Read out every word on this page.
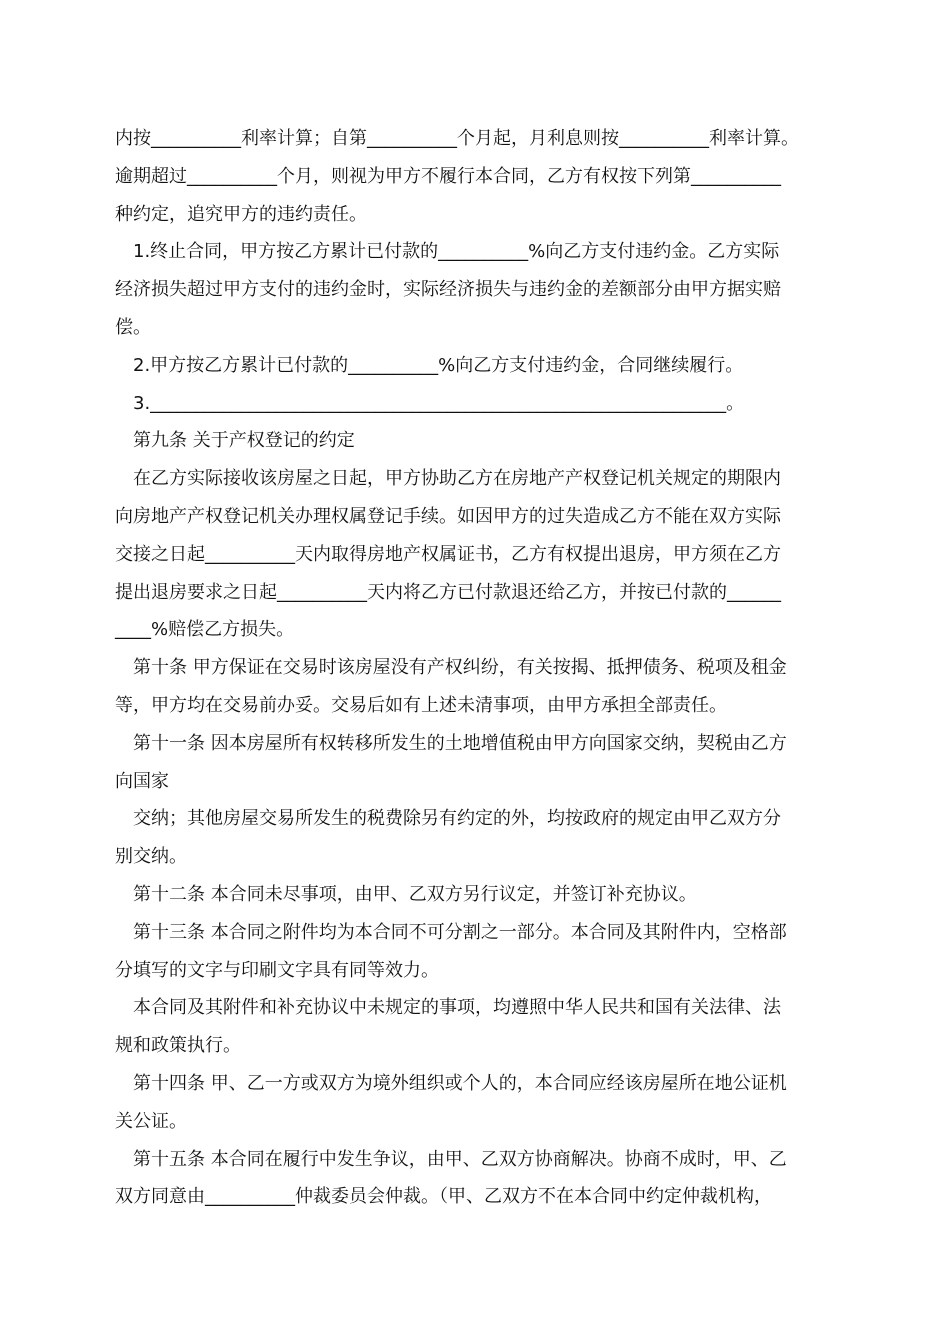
内按__________利率计算；自第__________个月起，月利息则按__________利率计算。
逾期超过__________个月，则视为甲方不履行本合同，乙方有权按下列第__________
种约定，追究甲方的违约责任。
1.终止合同，甲方按乙方累计已付款的__________%向乙方支付违约金。乙方实际
经济损失超过甲方支付的违约金时，实际经济损失与违约金的差额部分由甲方据实赔
偿。
2.甲方按乙方累计已付款的__________%向乙方支付违约金，合同继续履行。
3.________________________________________________________________。
第九条 关于产权登记的约定
在乙方实际接收该房屋之日起，甲方协助乙方在房地产产权登记机关规定的期限内
向房地产产权登记机关办理权属登记手续。如因甲方的过失造成乙方不能在双方实际
交接之日起__________天内取得房地产权属证书，乙方有权提出退房，甲方须在乙方
提出退房要求之日起__________天内将乙方已付款退还给乙方，并按已付款的______
____%赔偿乙方损失。
第十条 甲方保证在交易时该房屋没有产权纠纷，有关按揭、抵押债务、税项及租金
等，甲方均在交易前办妥。交易后如有上述未清事项，由甲方承担全部责任。
第十一条 因本房屋所有权转移所发生的土地增值税由甲方向国家交纳，契税由乙方
向国家
交纳；其他房屋交易所发生的税费除另有约定的外，均按政府的规定由甲乙双方分
别交纳。
第十二条 本合同未尽事项，由甲、乙双方另行议定，并签订补充协议。
第十三条 本合同之附件均为本合同不可分割之一部分。本合同及其附件内，空格部
分填写的文字与印刷文字具有同等效力。
本合同及其附件和补充协议中未规定的事项，均遵照中华人民共和国有关法律、法
规和政策执行。
第十四条 甲、乙一方或双方为境外组织或个人的，本合同应经该房屋所在地公证机
关公证。
第十五条 本合同在履行中发生争议，由甲、乙双方协商解决。协商不成时，甲、乙
双方同意由__________仲裁委员会仲裁。（甲、乙双方不在本合同中约定仲裁机构，
